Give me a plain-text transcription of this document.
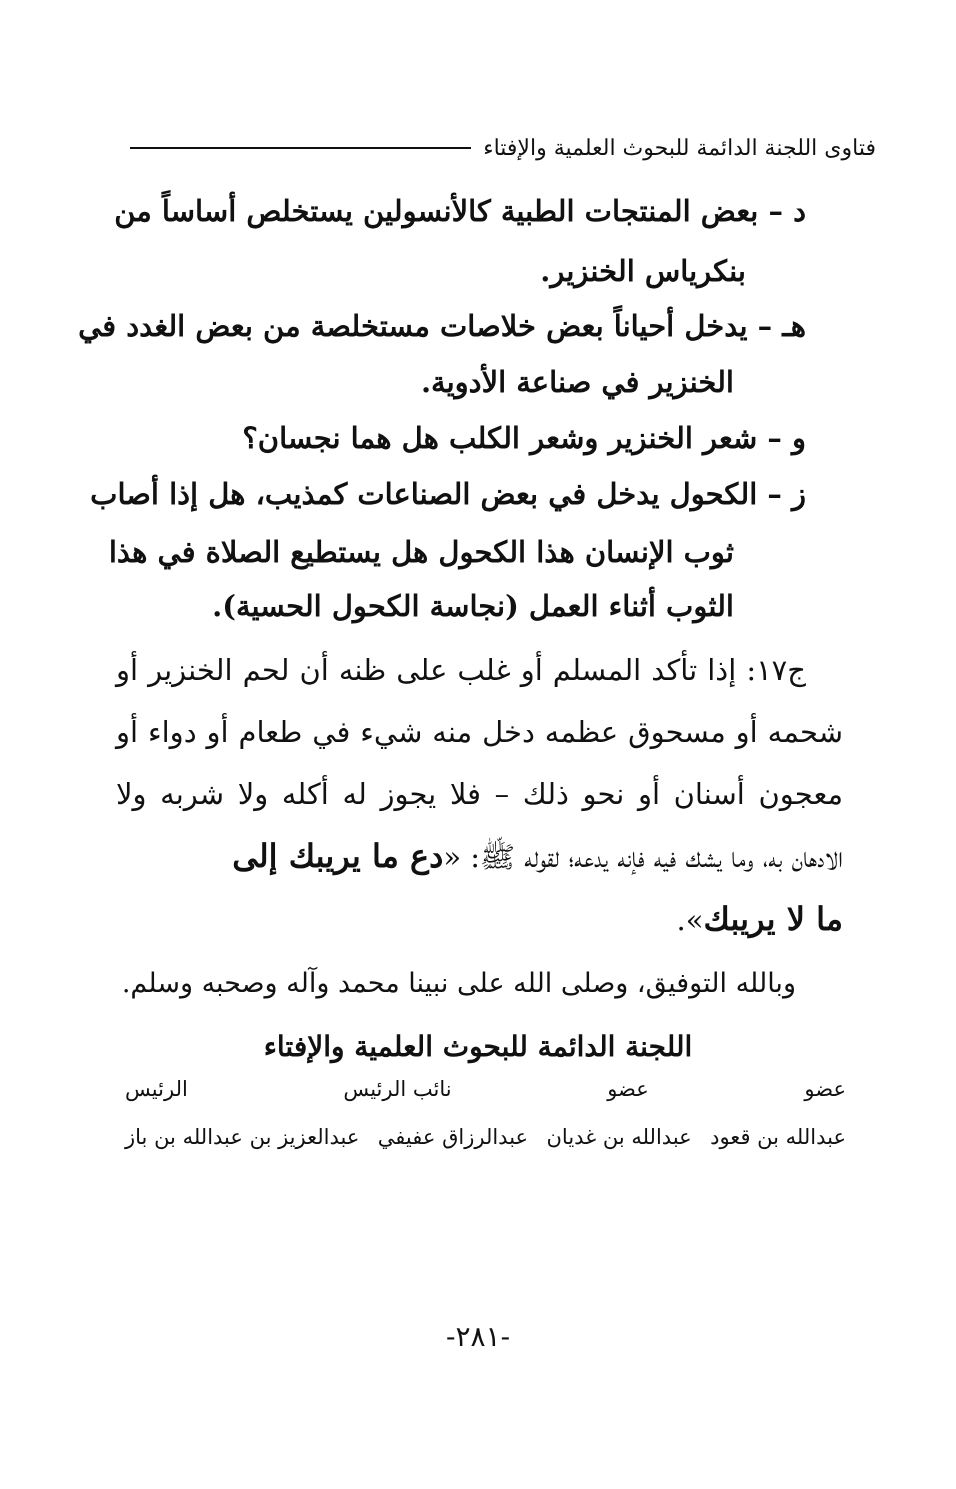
فتاوى اللجنة الدائمة للبحوث العلمية والإفتاء
د – بعض المنتجات الطبية كالأنسولين يستخلص أساساً من
بنكرياس الخنزير.
هـ – يدخل أحياناً بعض خلاصات مستخلصة من بعض الغدد في
الخنزير في صناعة الأدوية.
و – شعر الخنزير وشعر الكلب هل هما نجسان؟
ز – الكحول يدخل في بعض الصناعات كمذيب، هل إذا أصاب
ثوب الإنسان هذا الكحول هل يستطيع الصلاة في هذا
الثوب أثناء العمل (نجاسة الكحول الحسية).
ج١٧: إذا تأكد المسلم أو غلب على ظنه أن لحم الخنزير أو
شحمه أو مسحوق عظمه دخل منه شيء في طعام أو دواء أو
معجون أسنان أو نحو ذلك – فلا يجوز له أكله ولا شربه ولا
الادهان به، وما يشك فيه فإنه يدعه؛ لقوله ﷺ: «دع ما يريبك إلى
ما لا يريبك».
وبالله التوفيق، وصلى الله على نبينا محمد وآله وصحبه وسلم.
اللجنة الدائمة للبحوث العلمية والإفتاء
عضو
عضو
نائب الرئيس
الرئيس
عبدالله بن قعود
عبدالله بن غديان
عبدالرزاق عفيفي
عبدالعزيز بن عبدالله بن باز
-٢٨١-
